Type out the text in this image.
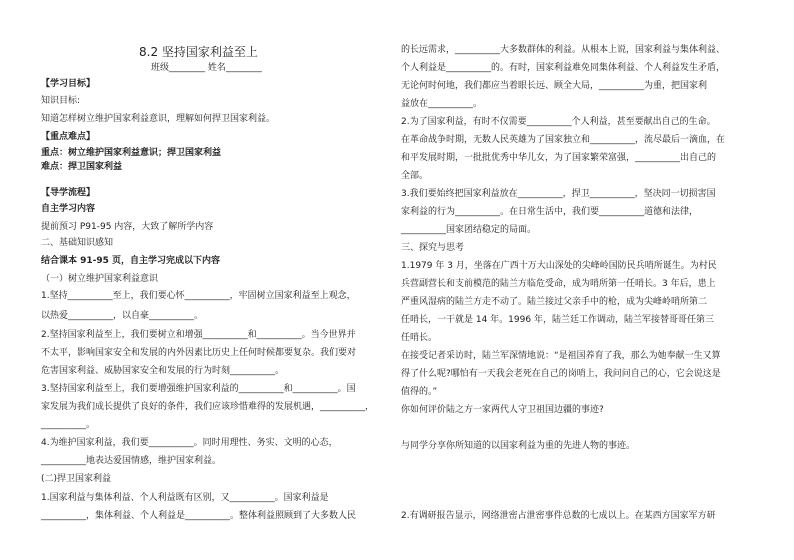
8.2 坚持国家利益至上
班级________ 姓名________
【学习目标】
知识目标:
知道怎样树立维护国家利益意识，理解如何捍卫国家利益。
【重点难点】
重点：树立维护国家利益意识；捍卫国家利益
难点：捍卫国家利益
【导学流程】
自主学习内容
提前预习 P91-95 内容，大致了解所学内容
二、基础知识感知
结合课本 91-95 页，自主学习完成以下内容
（一）树立维护国家利益意识
1.坚持__________至上，我们要心怀__________，牢固树立国家利益至上观念，
以热爱__________，以自豪__________。
2.坚持国家利益至上，我们要树立和增强__________和__________。当今世界并
不太平，影响国家安全和发展的内外因素比历史上任何时候都要复杂。我们要对
危害国家利益、威胁国家安全和发展的行为时刻__________。
3.坚持国家利益至上，我们要增强维护国家利益的__________和__________。国
家发展为我们成长提供了良好的条件，我们应该珍惜难得的发展机遇，__________，
__________。
4.为维护国家利益，我们要__________。同时用理性、务实、文明的心态，
__________地表达爱国情感，维护国家利益。
(二)捍卫国家利益
1.国家利益与集体利益、个人利益既有区别，又__________。国家利益是
__________，集体利益、个人利益是__________。整体利益照顾到了大多数人民
的长远需求，__________大多数群体的利益。从根本上说，国家利益与集体利益、
个人利益是__________的。有时，国家利益难免同集体利益、个人利益发生矛盾，
无论何时何地，我们都应当着眼长远、顾全大局，__________为重，把国家利
益放在__________。
2.为了国家利益，有时不仅需要__________个人利益，甚至要献出自己的生命。
在革命战争时期，无数人民英雄为了国家独立和__________，流尽最后一滴血，在
和平发展时期，一批批优秀中华儿女，为了国家繁荣富强，__________出自己的
全部。
3.我们要始终把国家利益放在__________，捍卫__________，坚决同一切损害国
家利益的行为__________。在日常生活中，我们要__________道德和法律，
__________国家团结稳定的局面。
三、探究与思考
1.1979 年 3 月，坐落在广西十万大山深处的尖峰岭国防民兵哨所诞生。为村民
兵营副营长和支前模范的陆兰方临危受命，成为哨所第一任哨长。3 年后，患上
严重风湿病的陆兰方走不动了。陆兰接过父亲手中的枪，成为尖峰岭哨所第二
任哨长，一干就是 14 年。1996 年，陆兰廷工作调动，陆兰军接替哥哥任第三
任哨长。
在接受记者采访时，陆兰军深情地说：“是祖国养育了我，那么为她奉献一生又算
得了什么呢?哪怕有一天我会老死在自己的岗哨上，我问问自己的心，它会说这是
值得的。”
你如何评价陆之方一家两代人守卫祖国边疆的事迹?
与同学分享你所知道的以国家利益为重的先进人物的事迹。
2.有调研报告显示，网络泄密占泄密事件总数的七成以上。在某西方国家军方研
